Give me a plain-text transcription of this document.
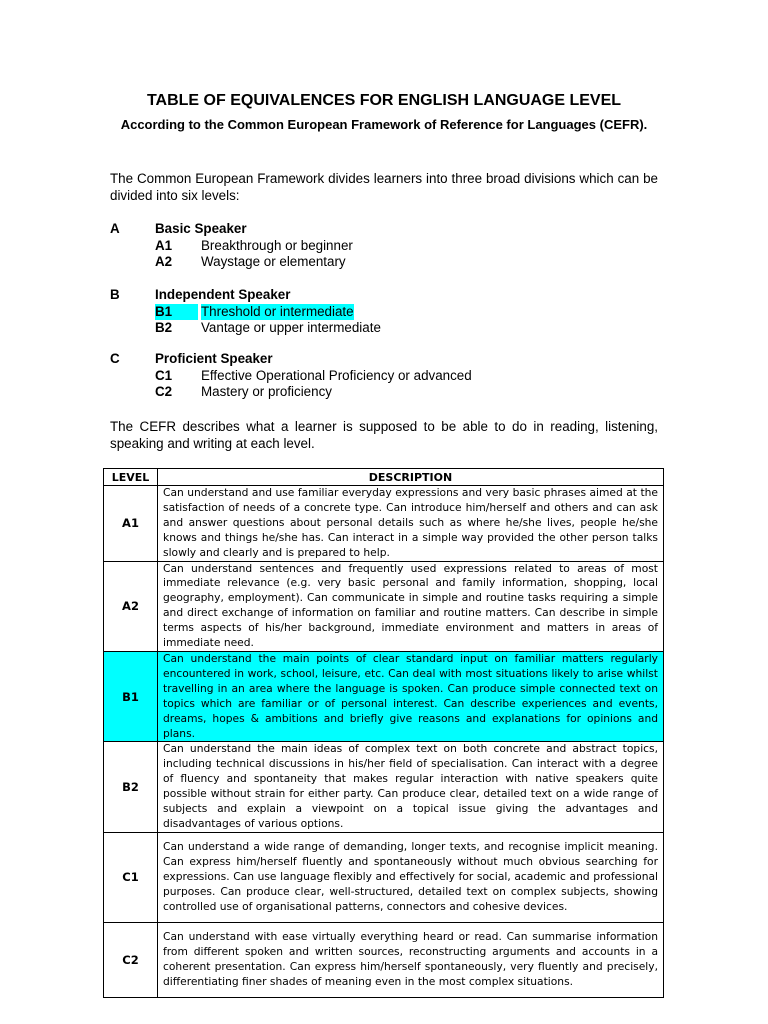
TABLE OF EQUIVALENCES FOR ENGLISH LANGUAGE LEVEL
According to the Common European Framework of Reference for Languages (CEFR).
The Common European Framework divides learners into three broad divisions which can be divided into six levels:
A	Basic Speaker
A1 Breakthrough or beginner
A2 Waystage or elementary
B	Independent Speaker
B1	Threshold or intermediate
B2 Vantage or upper intermediate
C	Proficient Speaker
C1 Effective Operational Proficiency or advanced
C2 Mastery or proficiency
The CEFR describes what a learner is supposed to be able to do in reading, listening, speaking and writing at each level.
LEVEL	DESCRIPTION
A1	Can understand and use familiar everyday expressions and very basic phrases aimed at the satisfaction of needs of a concrete type. Can introduce him/herself and others and can ask and answer questions about personal details such as where he/she lives, people he/she knows and things he/she has. Can interact in a simple way provided the other person talks slowly and clearly and is prepared to help.
A2	Can understand sentences and frequently used expressions related to areas of most immediate relevance (e.g. very basic personal and family information, shopping, local geography, employment). Can communicate in simple and routine tasks requiring a simple and direct exchange of information on familiar and routine matters. Can describe in simple terms aspects of his/her background, immediate environment and matters in areas of immediate need.
B1	Can understand the main points of clear standard input on familiar matters regularly encountered in work, school, leisure, etc. Can deal with most situations likely to arise whilst travelling in an area where the language is spoken. Can produce simple connected text on topics which are familiar or of personal interest. Can describe experiences and events, dreams, hopes & ambitions and briefly give reasons and explanations for opinions and plans.
B2	Can understand the main ideas of complex text on both concrete and abstract topics, including technical discussions in his/her field of specialisation. Can interact with a degree of fluency and spontaneity that makes regular interaction with native speakers quite possible without strain for either party. Can produce clear, detailed text on a wide range of subjects and explain a viewpoint on a topical issue giving the advantages and disadvantages of various options.
C1	Can understand a wide range of demanding, longer texts, and recognise implicit meaning. Can express him/herself fluently and spontaneously without much obvious searching for expressions. Can use language flexibly and effectively for social, academic and professional purposes. Can produce clear, well-structured, detailed text on complex subjects, showing controlled use of organisational patterns, connectors and cohesive devices.
C2	Can understand with ease virtually everything heard or read. Can summarise information from different spoken and written sources, reconstructing arguments and accounts in a coherent presentation. Can express him/herself spontaneously, very fluently and precisely, differentiating finer shades of meaning even in the most complex situations.
